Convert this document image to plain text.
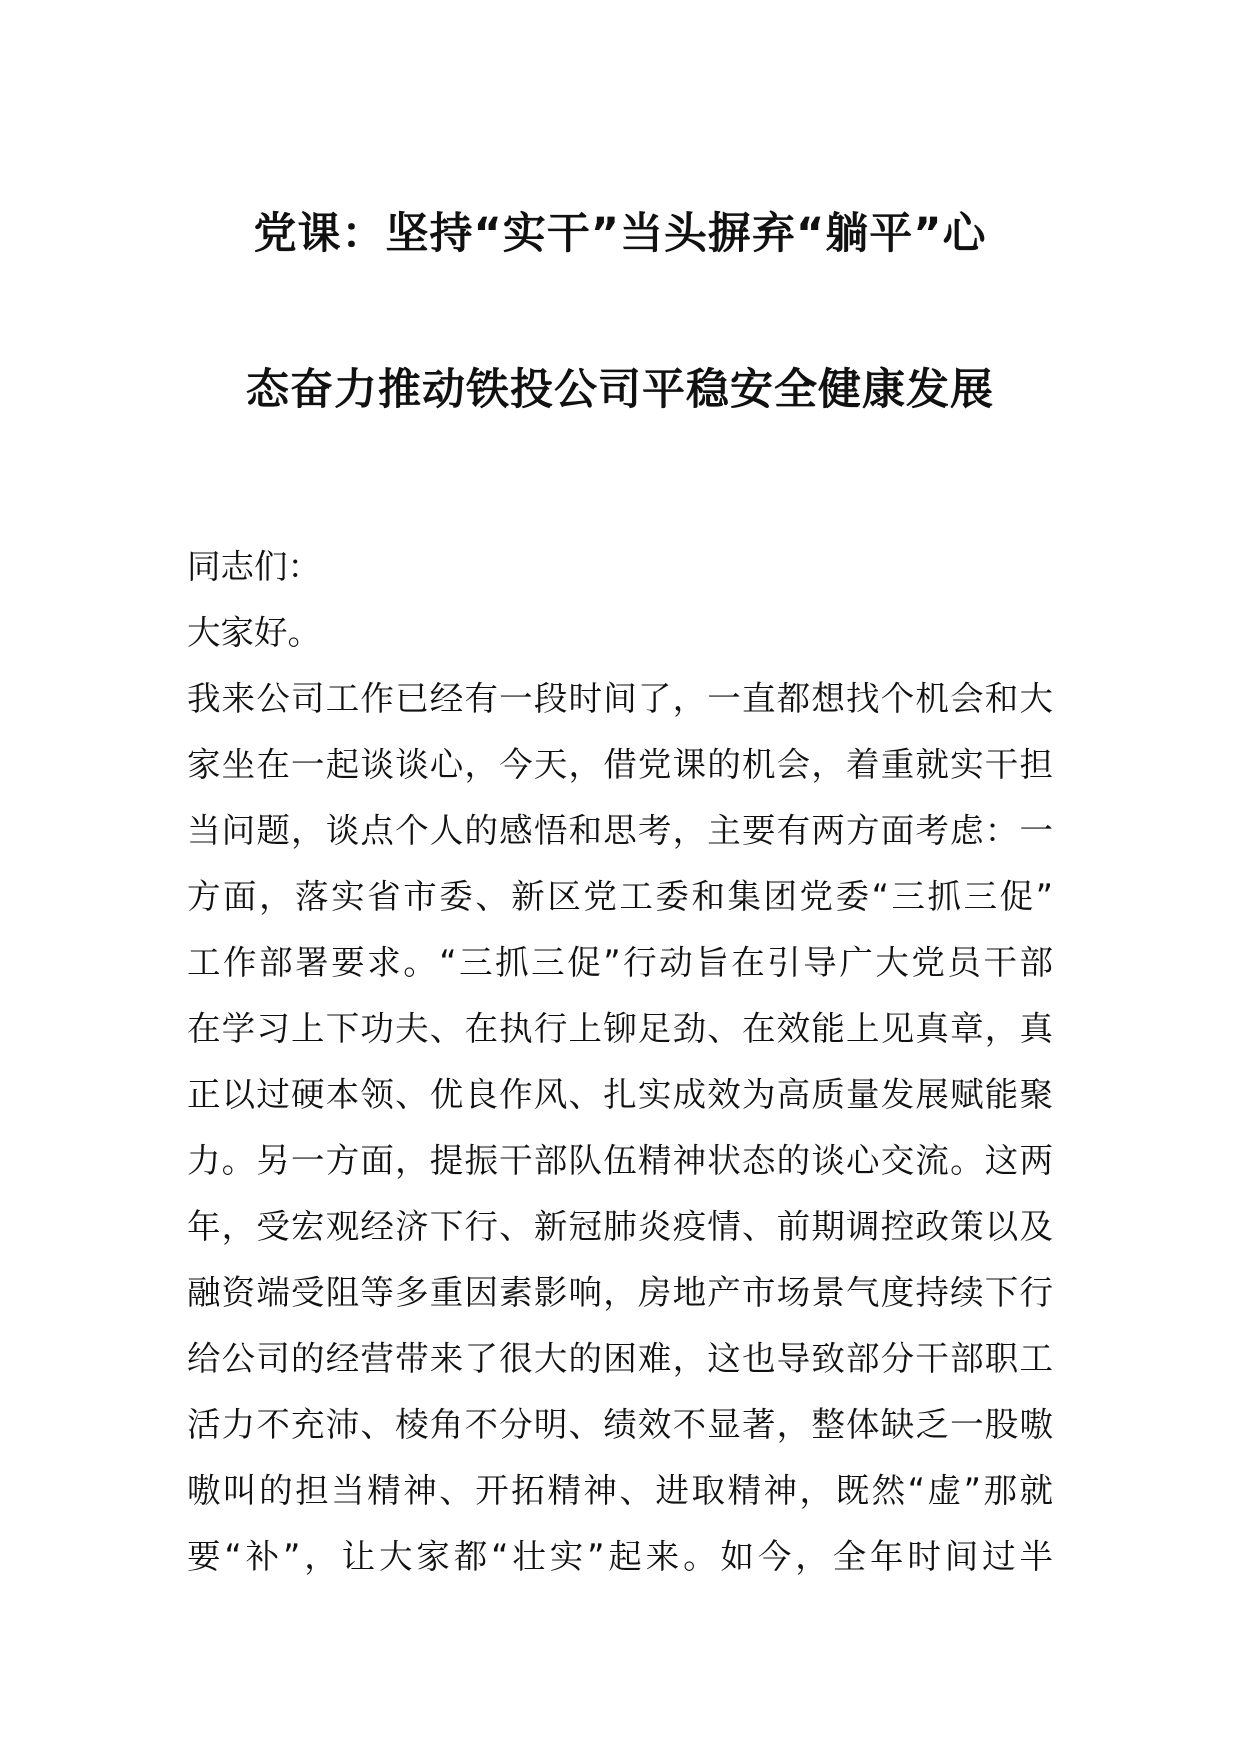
党课：坚持“实干”当头摒弃“躺平”心
态奋力推动铁投公司平稳安全健康发展
同志们：
大家好。
我来公司工作已经有一段时间了，一直都想找个机会和大
家坐在一起谈谈心，今天，借党课的机会，着重就实干担
当问题，谈点个人的感悟和思考，主要有两方面考虑：一
方面，落实省市委、新区党工委和集团党委“三抓三促”
工作部署要求。“三抓三促”行动旨在引导广大党员干部
在学习上下功夫、在执行上铆足劲、在效能上见真章，真
正以过硬本领、优良作风、扎实成效为高质量发展赋能聚
力。另一方面，提振干部队伍精神状态的谈心交流。这两
年，受宏观经济下行、新冠肺炎疫情、前期调控政策以及
融资端受阻等多重因素影响，房地产市场景气度持续下行
给公司的经营带来了很大的困难，这也导致部分干部职工
活力不充沛、棱角不分明、绩效不显著，整体缺乏一股嗷
嗷叫的担当精神、开拓精神、进取精神，既然“虚”那就
要“补”，让大家都“壮实”起来。如今，全年时间过半
